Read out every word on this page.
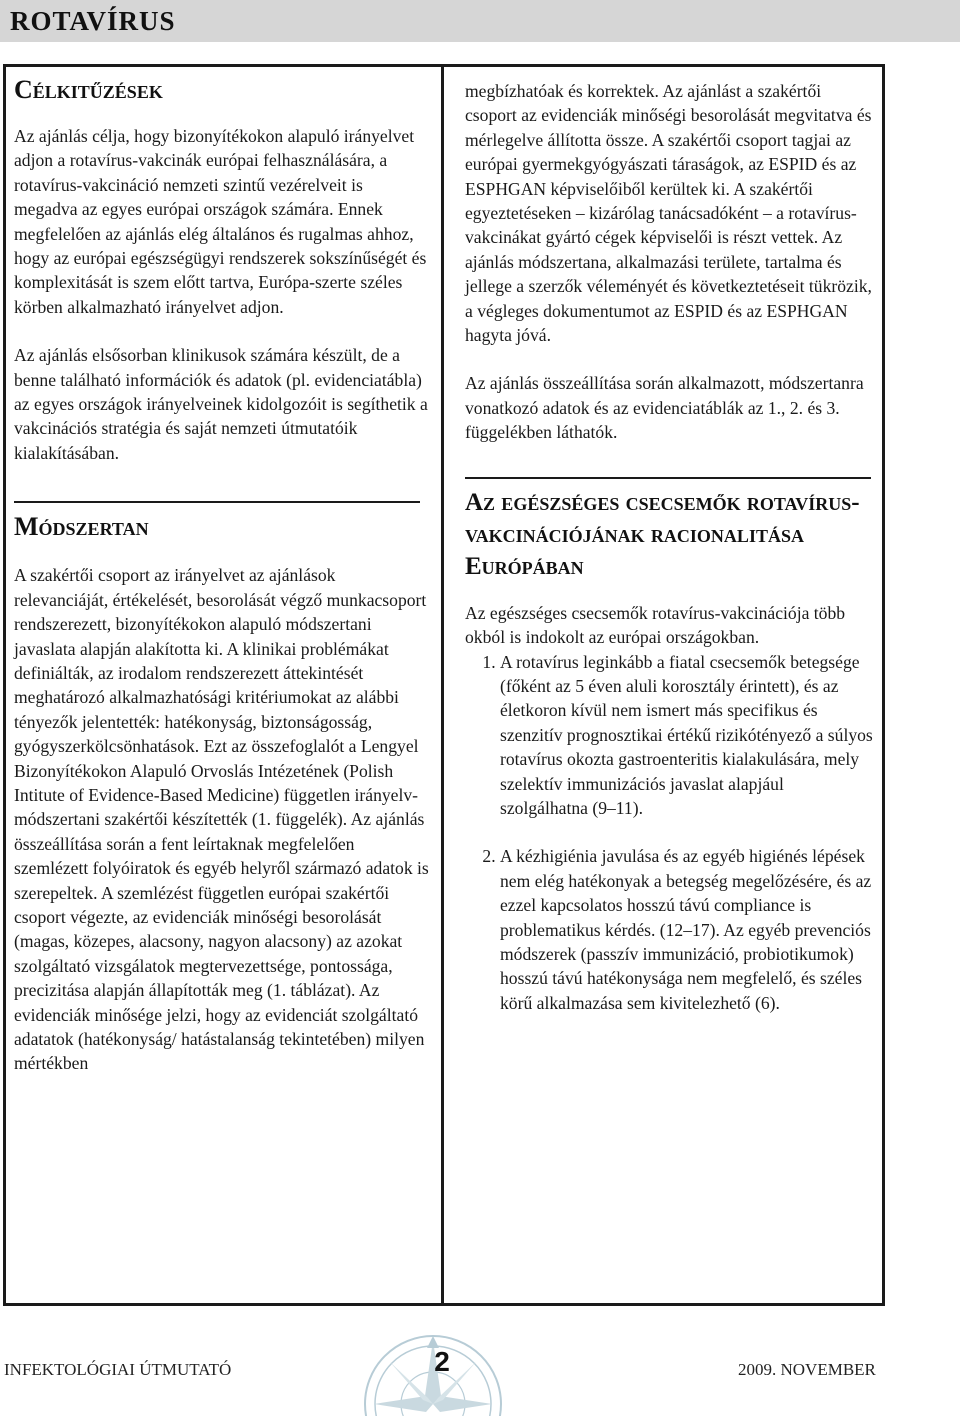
ROTAVÍRUS
Célkitűzések

Az ajánlás célja, hogy bizonyítékokon alapuló irányelvet adjon a rotavírus-vakcinák európai felhasználására, a rotavírus-vakcináció nemzeti szintű vezérelveit is megadva az egyes európai országok számára. Ennek megfelelően az ajánlás elég általános és rugalmas ahhoz, hogy az európai egészségügyi rendszerek sokszínűségét és komplexitását is szem előtt tartva, Európa-szerte széles körben alkalmazható irányelvet adjon.

Az ajánlás elsősorban klinikusok számára készült, de a benne található információk és adatok (pl. evidenciatábla) az egyes országok irányelveinek kidolgozóit is segíthetik a vakcinációs stratégia és saját nemzeti útmutatóik kialakításában.

Módszertan

A szakértői csoport az irányelvet az ajánlások relevanciáját, értékelését, besorolását végző munkacsoport rendszerezett, bizonyítékokon alapuló módszertani javaslata alapján alakította ki. A klinikai problémákat definiálták, az irodalom rendszerezett áttekintését meghatározó alkalmazhatósági kritériumokat az alábbi tényezők jelentették: hatékonyság, biztonságosság, gyógyszerkölcsönhatások. Ezt az összefoglalót a Lengyel Bizonyítékokon Alapuló Orvoslás Intézetének (Polish Intitute of Evidence-Based Medicine) független irányelv-módszertani szakértői készítették (1. függelék). Az ajánlás összeállítása során a fent leírtaknak megfelelően szemlézett folyóiratok és egyéb helyről származó adatok is szerepeltek. A szemlézést független európai szakértői csoport végezte, az evidenciák minőségi besorolását (magas, közepes, alacsony, nagyon alacsony) az azokat szolgáltató vizsgálatok megtervezettsége, pontossága, precizitása alapján állapították meg (1. táblázat). Az evidenciák minősége jelzi, hogy az evidenciát szolgáltató adatatok (hatékonyság/ hatástalanság tekintetében) milyen mértékben

megbízhatóak és korrektek. Az ajánlást a szakértői csoport az evidenciák minőségi besorolását megvitatva és mérlegelve állította össze. A szakértői csoport tagjai az európai gyermekgyógyászati táraságok, az ESPID és az ESPHGAN képviselőiből kerültek ki. A szakértői egyeztetéseken – kizárólag tanácsadóként – a rotavírus-vakcinákat gyártó cégek képviselői is részt vettek. Az ajánlás módszertana, alkalmazási területe, tartalma és jellege a szerzők véleményét és következtetéseit tükrözik, a végleges dokumentumot az ESPID és az ESPHGAN hagyta jóvá.

Az ajánlás összeállítása során alkalmazott, módszertanra vonatkozó adatok és az evidenciatáblák az 1., 2. és 3. függelékben láthatók.

Az egészséges csecsemők rotavírus-vakcinációjának racionalitása Európában

Az egészséges csecsemők rotavírus-vakcinációja több okból is indokolt az európai országokban.

1. A rotavírus leginkább a fiatal csecsemők betegsége (főként az 5 éven aluli korosztály érintett), és az életkoron kívül nem ismert más specifikus és szenzitív prognosztikai értékű rizikótényező a súlyos rotavírus okozta gastroenteritis kialakulására, mely szelektív immunizációs javaslat alapjául szolgálhatna (9–11).
2. A kézhigiénia javulása és az egyéb higiénés lépések nem elég hatékonyak a betegség megelőzésére, és az ezzel kapcsolatos hosszú távú compliance is problematikus kérdés. (12–17). Az egyéb prevenciós módszerek (passzív immunizáció, probiotikumok) hosszú távú hatékonysága nem megfelelő, és széles körű alkalmazása sem kivitelezhető (6).
2
INFEKTOLÓGIAI ÚTMUTATÓ	2009. NOVEMBER
